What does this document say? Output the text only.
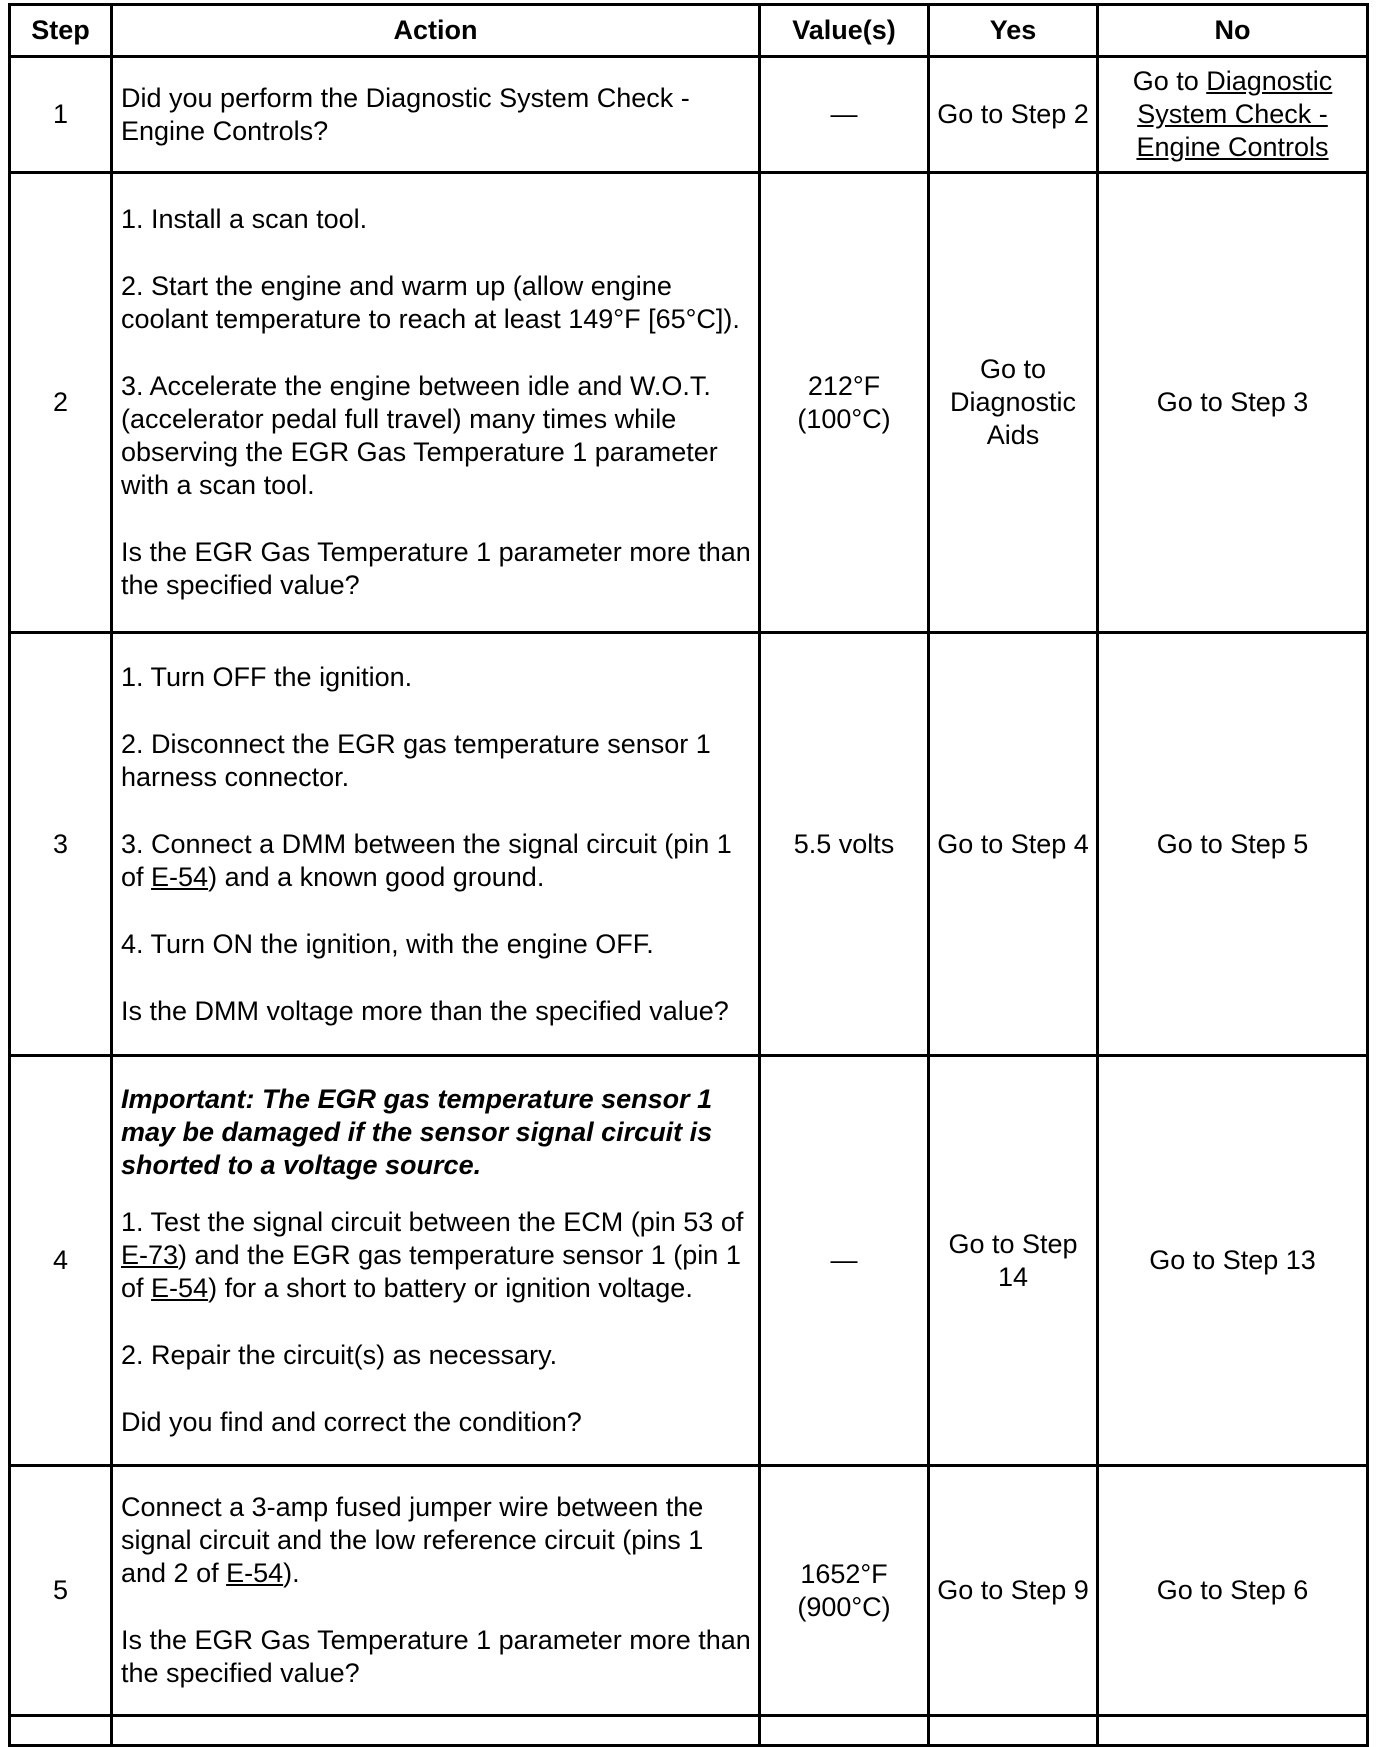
Step	Action	Value(s)	Yes	No
1	Did you perform the Diagnostic System Check - Engine Controls?	—	Go to Step 2	Go to Diagnostic System Check - Engine Controls
2	1. Install a scan tool.

2. Start the engine and warm up (allow engine coolant temperature to reach at least 149°F [65°C]).

3. Accelerate the engine between idle and W.O.T. (accelerator pedal full travel) many times while observing the EGR Gas Temperature 1 parameter with a scan tool.

Is the EGR Gas Temperature 1 parameter more than the specified value?	212°F (100°C)	Go to Diagnostic Aids	Go to Step 3
3	1. Turn OFF the ignition.

2. Disconnect the EGR gas temperature sensor 1 harness connector.

3. Connect a DMM between the signal circuit (pin 1 of E-54) and a known good ground.

4. Turn ON the ignition, with the engine OFF.

Is the DMM voltage more than the specified value?	5.5 volts	Go to Step 4	Go to Step 5
4	Important: The EGR gas temperature sensor 1 may be damaged if the sensor signal circuit is shorted to a voltage source.

1. Test the signal circuit between the ECM (pin 53 of E-73) and the EGR gas temperature sensor 1 (pin 1 of E-54) for a short to battery or ignition voltage.

2. Repair the circuit(s) as necessary.

Did you find and correct the condition?	—	Go to Step 14	Go to Step 13
5	Connect a 3-amp fused jumper wire between the signal circuit and the low reference circuit (pins 1 and 2 of E-54).

Is the EGR Gas Temperature 1 parameter more than the specified value?	1652°F (900°C)	Go to Step 9	Go to Step 6
